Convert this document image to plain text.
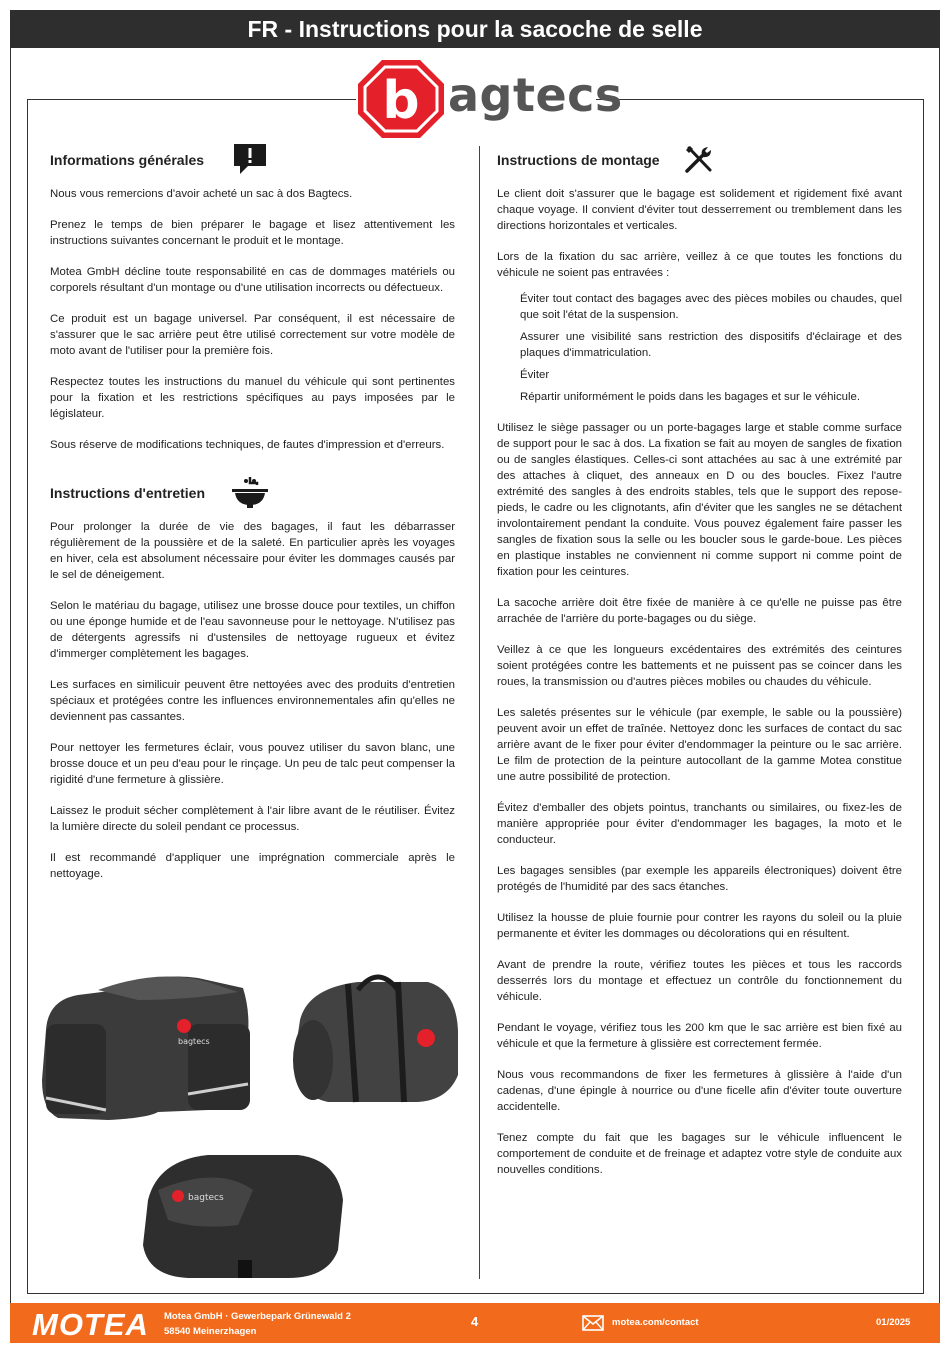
FR - Instructions pour la sacoche de selle
b agtecs
Informations générales

Nous vous remercions d'avoir acheté un sac à dos Bagtecs.

Prenez le temps de bien préparer le bagage et lisez attentivement les instructions suivantes concernant le produit et le montage.

Motea GmbH décline toute responsabilité en cas de dommages matériels ou corporels résultant d'un montage ou d'une utilisation incorrects ou défectueux.

Ce produit est un bagage universel. Par conséquent, il est nécessaire de s'assurer que le sac arrière peut être utilisé correctement sur votre modèle de moto avant de l'utiliser pour la première fois.

Respectez toutes les instructions du manuel du véhicule qui sont pertinentes pour la fixation et les restrictions spécifiques au pays imposées par le législateur.

Sous réserve de modifications techniques, de fautes d'impression et d'erreurs.

Instructions d'entretien

Pour prolonger la durée de vie des bagages, il faut les débarrasser régulièrement de la poussière et de la saleté. En particulier après les voyages en hiver, cela est absolument nécessaire pour éviter les dommages causés par le sel de déneigement.

Selon le matériau du bagage, utilisez une brosse douce pour textiles, un chiffon ou une éponge humide et de l'eau savonneuse pour le nettoyage. N'utilisez pas de détergents agressifs ni d'ustensiles de nettoyage rugueux et évitez d'immerger complètement les bagages.

Les surfaces en similicuir peuvent être nettoyées avec des produits d'entretien spéciaux et protégées contre les influences environnementales afin qu'elles ne deviennent pas cassantes.

Pour nettoyer les fermetures éclair, vous pouvez utiliser du savon blanc, une brosse douce et un peu d'eau pour le rinçage. Un peu de talc peut compenser la rigidité d'une fermeture à glissière.

Laissez le produit sécher complètement à l'air libre avant de le réutiliser. Évitez la lumière directe du soleil pendant ce processus.

Il est recommandé d'appliquer une imprégnation commerciale après le nettoyage.

bagtecs
bagtecs
Instructions de montage

Le client doit s'assurer que le bagage est solidement et rigidement fixé avant chaque voyage. Il convient d'éviter tout desserrement ou tremblement dans les directions horizontales et verticales.

Lors de la fixation du sac arrière, veillez à ce que toutes les fonctions du véhicule ne soient pas entravées :

Éviter tout contact des bagages avec des pièces mobiles ou chaudes, quel que soit l'état de la suspension.

Assurer une visibilité sans restriction des dispositifs d'éclairage et des plaques d'immatriculation.

Éviter

Répartir uniformément le poids dans les bagages et sur le véhicule.

Utilisez le siège passager ou un porte-bagages large et stable comme surface de support pour le sac à dos. La fixation se fait au moyen de sangles de fixation ou de sangles élastiques. Celles-ci sont attachées au sac à une extrémité par des attaches à cliquet, des anneaux en D ou des boucles. Fixez l'autre extrémité des sangles à des endroits stables, tels que le support des repose-pieds, le cadre ou les clignotants, afin d'éviter que les sangles ne se détachent involontairement pendant la conduite. Vous pouvez également faire passer les sangles de fixation sous la selle ou les boucler sous le garde-boue. Les pièces en plastique instables ne conviennent ni comme support ni comme point de fixation pour les ceintures.

La sacoche arrière doit être fixée de manière à ce qu'elle ne puisse pas être arrachée de l'arrière du porte-bagages ou du siège.

Veillez à ce que les longueurs excédentaires des extrémités des ceintures soient protégées contre les battements et ne puissent pas se coincer dans les roues, la transmission ou d'autres pièces mobiles ou chaudes du véhicule.

Les saletés présentes sur le véhicule (par exemple, le sable ou la poussière) peuvent avoir un effet de traînée. Nettoyez donc les surfaces de contact du sac arrière avant de le fixer pour éviter d'endommager la peinture ou le sac arrière. Le film de protection de la peinture autocollant de la gamme Motea constitue une autre possibilité de protection.

Évitez d'emballer des objets pointus, tranchants ou similaires, ou fixez-les de manière appropriée pour éviter d'endommager les bagages, la moto et le conducteur.

Les bagages sensibles (par exemple les appareils électroniques) doivent être protégés de l'humidité par des sacs étanches.

Utilisez la housse de pluie fournie pour contrer les rayons du soleil ou la pluie permanente et éviter les dommages ou décolorations qui en résultent.

Avant de prendre la route, vérifiez toutes les pièces et tous les raccords desserrés lors du montage et effectuez un contrôle du fonctionnement du véhicule.

Pendant le voyage, vérifiez tous les 200 km que le sac arrière est bien fixé au véhicule et que la fermeture à glissière est correctement fermée.

Nous vous recommandons de fixer les fermetures à glissière à l'aide d'un cadenas, d'une épingle à nourrice ou d'une ficelle afin d'éviter toute ouverture accidentelle.

Tenez compte du fait que les bagages sur le véhicule influencent le comportement de conduite et de freinage et adaptez votre style de conduite aux nouvelles conditions.

MOTEA Motea GmbH · Gewerbepark Grünewald 2
58540 Meinerzhagen
4	motea.com/contact	01/2025
